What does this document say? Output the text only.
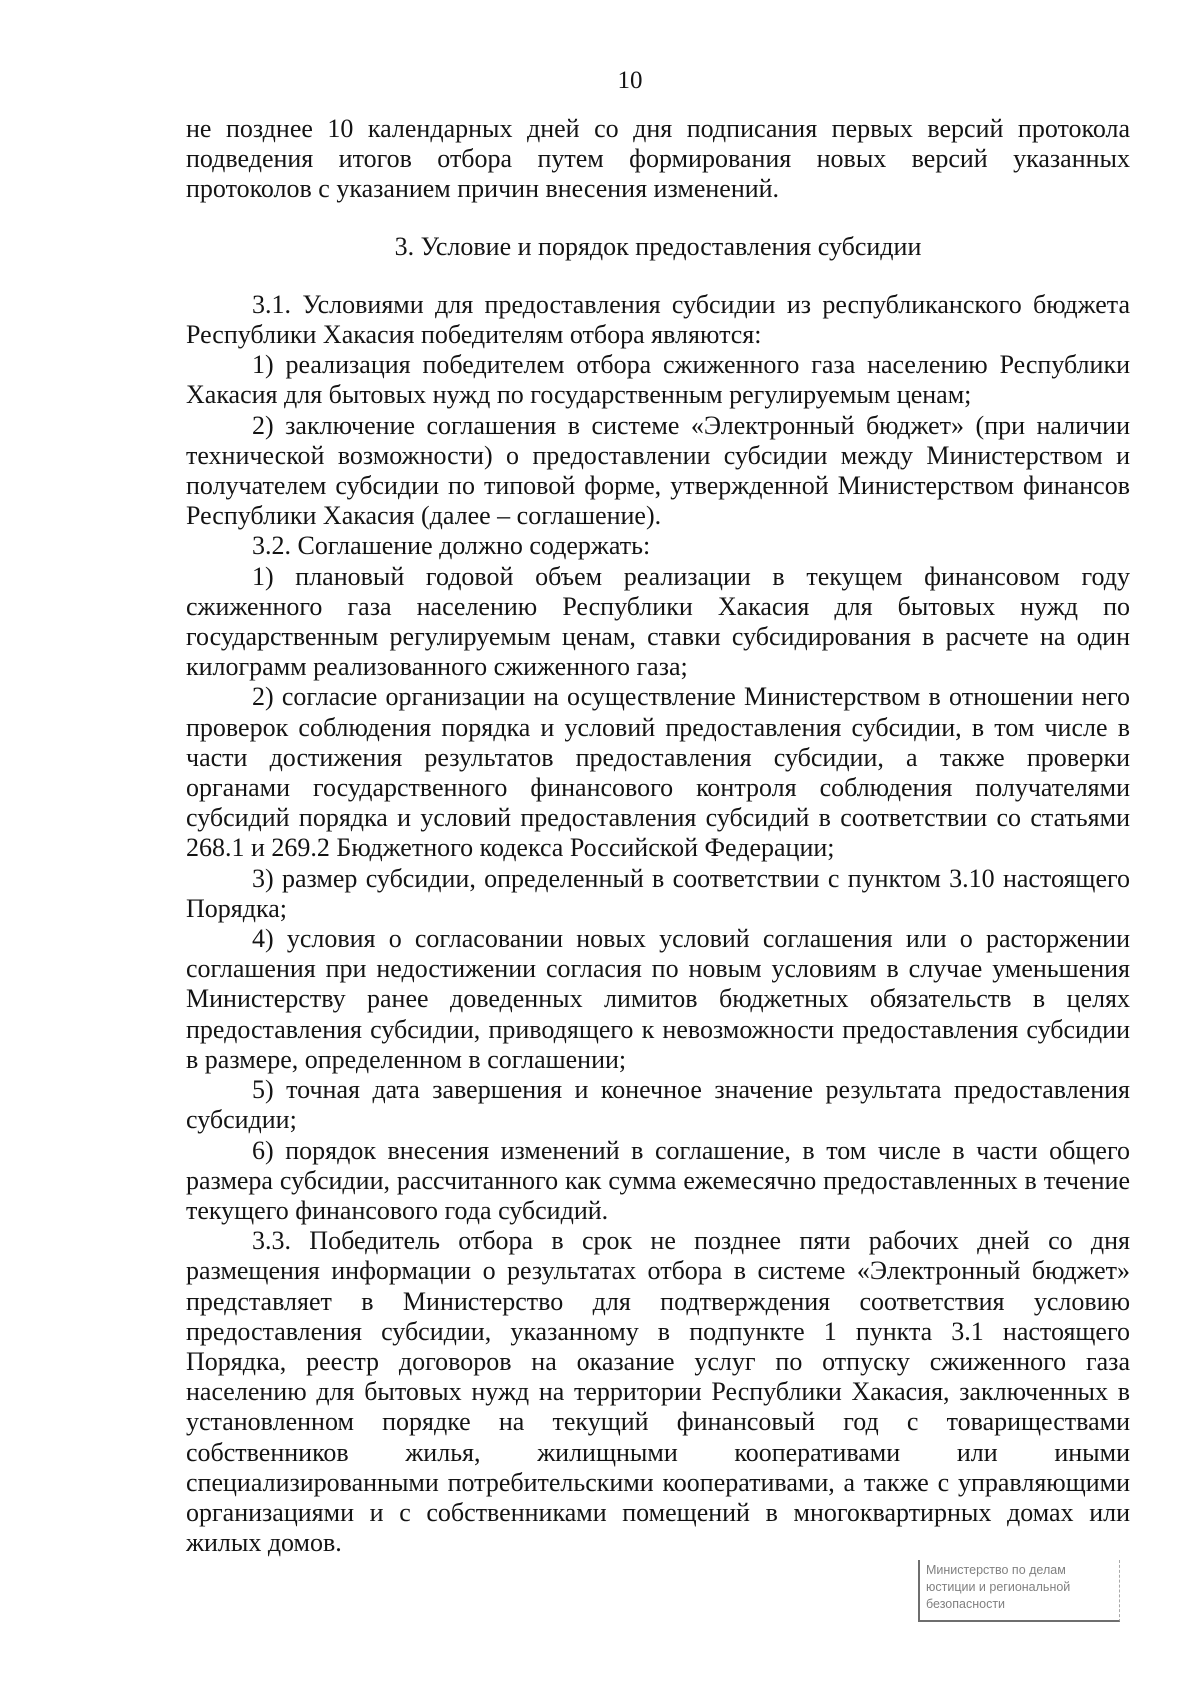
10

не позднее 10 календарных дней со дня подписания первых версий протокола подведения итогов отбора путем формирования новых версий указанных протоколов с указанием причин внесения изменений.

3. Условие и порядок предоставления субсидии

3.1. Условиями для предоставления субсидии из республиканского бюджета Республики Хакасия победителям отбора являются:

1) реализация победителем отбора сжиженного газа населению Республики Хакасия для бытовых нужд по государственным регулируемым ценам;

2) заключение соглашения в системе «Электронный бюджет» (при наличии технической возможности) о предоставлении субсидии между Министерством и получателем субсидии по типовой форме, утвержденной Министерством финансов Республики Хакасия (далее – соглашение).

3.2. Соглашение должно содержать:

1) плановый годовой объем реализации в текущем финансовом году сжиженного газа населению Республики Хакасия для бытовых нужд по государственным регулируемым ценам, ставки субсидирования в расчете на один килограмм реализованного сжиженного газа;

2) согласие организации на осуществление Министерством в отношении него проверок соблюдения порядка и условий предоставления субсидии, в том числе в части достижения результатов предоставления субсидии, а также проверки органами государственного финансового контроля соблюдения получателями субсидий порядка и условий предоставления субсидий в соответствии со статьями 268.1 и 269.2 Бюджетного кодекса Российской Федерации;

3) размер субсидии, определенный в соответствии с пунктом 3.10 настоящего Порядка;

4) условия о согласовании новых условий соглашения или о расторжении соглашения при недостижении согласия по новым условиям в случае уменьшения Министерству ранее доведенных лимитов бюджетных обязательств в целях предоставления субсидии, приводящего к невозможности предоставления субсидии в размере, определенном в соглашении;

5) точная дата завершения и конечное значение результата предоставления субсидии;

6) порядок внесения изменений в соглашение, в том числе в части общего размера субсидии, рассчитанного как сумма ежемесячно предоставленных в течение текущего финансового года субсидий.

3.3. Победитель отбора в срок не позднее пяти рабочих дней со дня размещения информации о результатах отбора в системе «Электронный бюджет» представляет в Министерство для подтверждения соответствия условию предоставления субсидии, указанному в подпункте 1 пункта 3.1 настоящего Порядка, реестр договоров на оказание услуг по отпуску сжиженного газа населению для бытовых нужд на территории Республики Хакасия, заключенных в установленном порядке на текущий финансовый год с товариществами собственников жилья, жилищными кооперативами или иными специализированными потребительскими кооперативами, а также с управляющими организациями и с собственниками помещений в многоквартирных домах или жилых домов.

Министерство по делам
юстиции и региональной
безопасности
